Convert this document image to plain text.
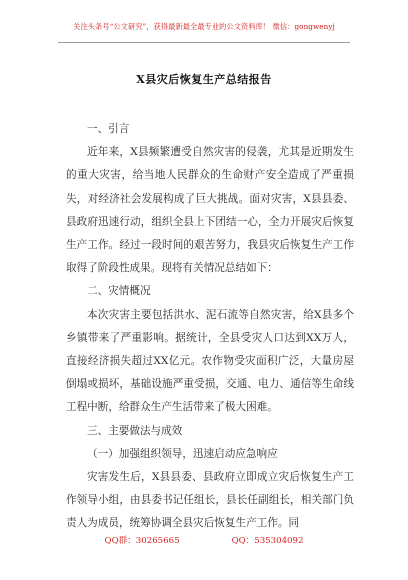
关注头条号“公文研究”，获得最新最全最专业的公文资料库！ 微信：gongwenyj
X县灾后恢复生产总结报告

一、引言

近年来，X县频繁遭受自然灾害的侵袭，尤其是近期发生的重大灾害，给当地人民群众的生命财产安全造成了严重损失，对经济社会发展构成了巨大挑战。面对灾害，X县县委、县政府迅速行动，组织全县上下团结一心，全力开展灾后恢复生产工作。经过一段时间的艰苦努力，我县灾后恢复生产工作取得了阶段性成果。现将有关情况总结如下：

二、灾情概况

本次灾害主要包括洪水、泥石流等自然灾害，给X县多个乡镇带来了严重影响。据统计，全县受灾人口达到XX万人，直接经济损失超过XX亿元。农作物受灾面积广泛，大量房屋倒塌或损坏，基础设施严重受损，交通、电力、通信等生命线工程中断，给群众生产生活带来了极大困难。

三、主要做法与成效

（一）加强组织领导，迅速启动应急响应

灾害发生后，X县县委、县政府立即成立灾后恢复生产工作领导小组，由县委书记任组长，县长任副组长，相关部门负责人为成员，统筹协调全县灾后恢复生产工作。同

QQ群：30265665	QQ：535304092
